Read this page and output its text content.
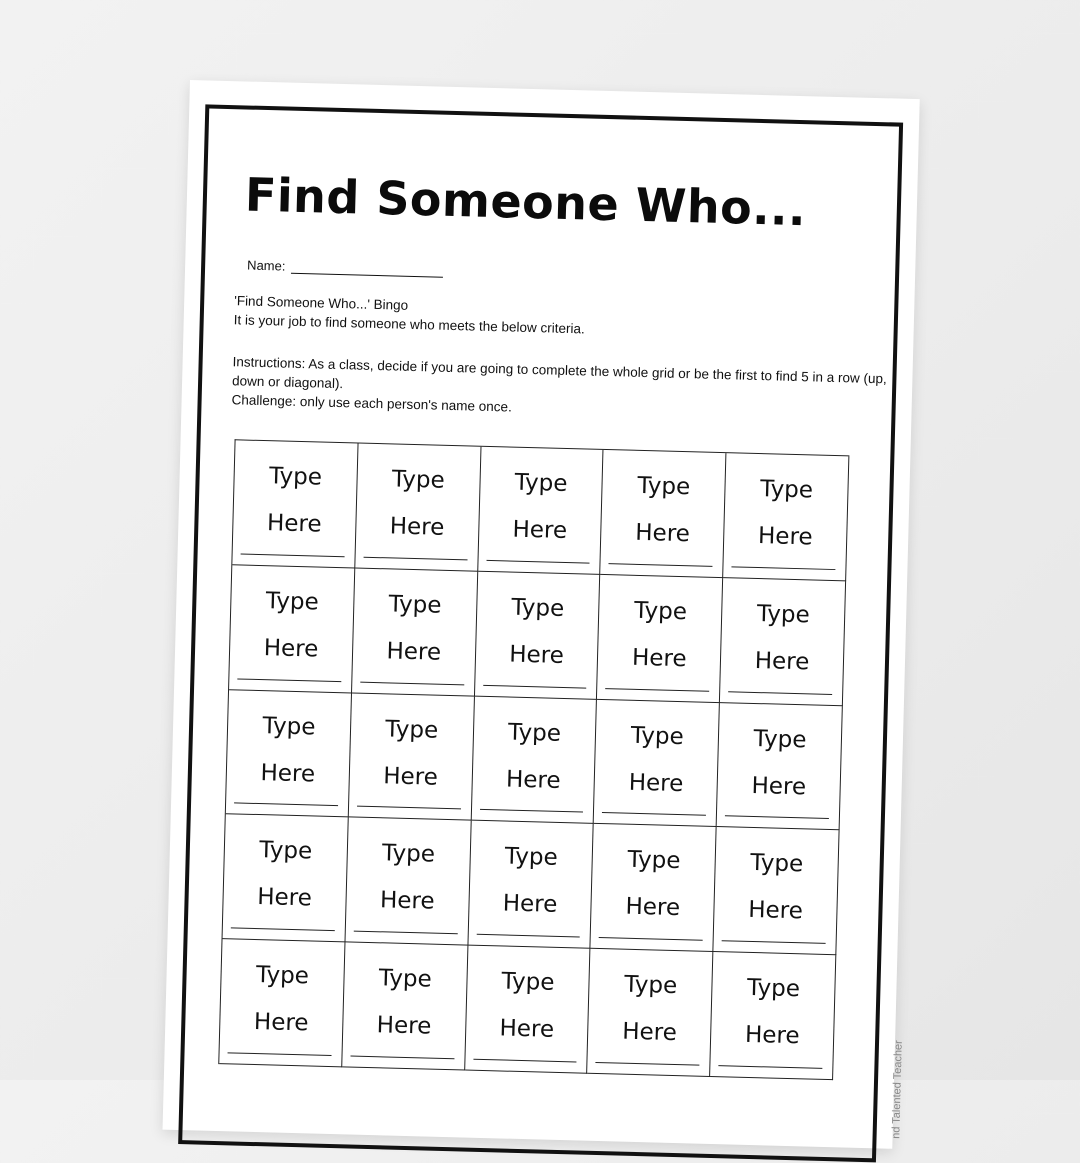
Find Someone Who...
Name:

'Find Someone Who...' Bingo
It is your job to find someone who meets the below criteria.

Instructions: As a class, decide if you are going to complete the whole grid or be the first to find 5 in a row (up, down or diagonal).
Challenge: only use each person's name once.

Type
Here
Type
Here
Type
Here
Type
Here
Type
Here
Type
Here
Type
Here
Type
Here
Type
Here
Type
Here
Type
Here
Type
Here
Type
Here
Type
Here
Type
Here
Type
Here
Type
Here
Type
Here
Type
Here
Type
Here
Type
Here
Type
Here
Type
Here
Type
Here
Type
Here
nd Talented Teacher
